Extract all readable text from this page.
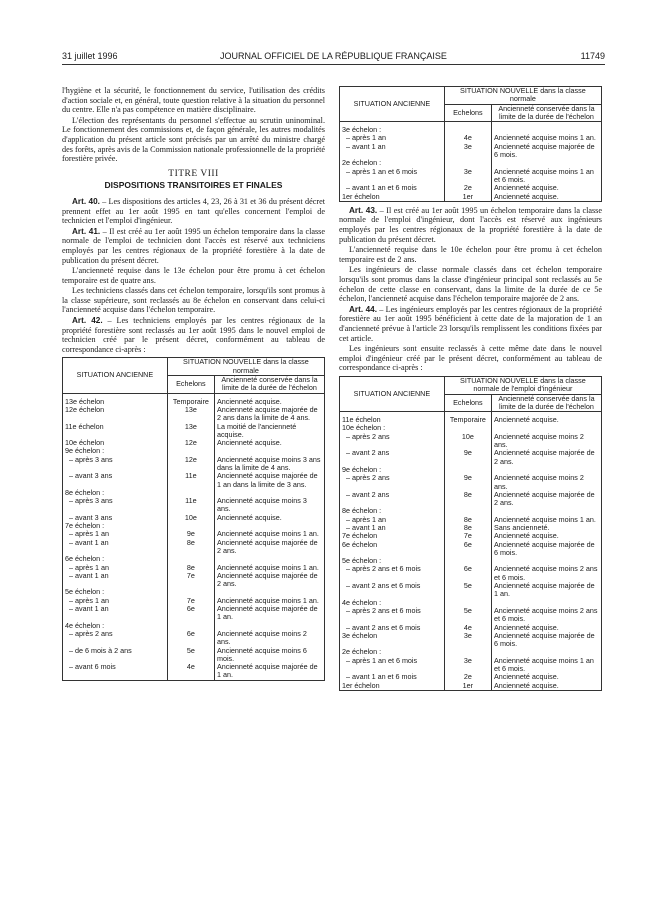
31 juillet 1996	JOURNAL OFFICIEL DE LA RÉPUBLIQUE FRANÇAISE	11749

l'hygiène et la sécurité, le fonctionnement du service, l'utilisation des crédits d'action sociale et, en général, toute question relative à la situation du personnel du centre. Elle n'a pas compétence en matière disciplinaire.

L'élection des représentants du personnel s'effectue au scrutin uninominal. Le fonctionnement des commissions et, de façon générale, les autres modalités d'application du présent article sont précisés par un arrêté du ministre chargé des forêts, après avis de la Commission nationale professionnelle de la propriété forestière privée.

TITRE VIII
DISPOSITIONS TRANSITOIRES ET FINALES

Art. 40. – Les dispositions des articles 4, 23, 26 à 31 et 36 du présent décret prennent effet au 1er août 1995 en tant qu'elles concernent l'emploi de technicien et l'emploi d'ingénieur.

Art. 41. – Il est créé au 1er août 1995 un échelon temporaire dans la classe normale de l'emploi de technicien dont l'accès est réservé aux techniciens employés par les centres régionaux de la propriété forestière à la date de publication du présent décret.

L'ancienneté requise dans le 13e échelon pour être promu à cet échelon temporaire est de quatre ans.

Les techniciens classés dans cet échelon temporaire, lorsqu'ils sont promus à la classe supérieure, sont reclassés au 8e échelon en conservant dans celui-ci l'ancienneté acquise dans l'échelon temporaire.

Art. 42. – Les techniciens employés par les centres régionaux de la propriété forestière sont reclassés au 1er août 1995 dans le nouvel emploi de technicien créé par le présent décret, conformément au tableau de correspondance ci-après :

SITUATION ANCIENNE	SITUATION NOUVELLE dans la classe normale	
	Echelons	Ancienneté conservée dans la limite de la durée de l'échelon

13e échelon	Temporaire	Ancienneté acquise.
12e échelon	13e	Ancienneté acquise majorée de 2 ans dans la limite de 4 ans.
11e échelon	13e	La moitié de l'ancienneté acquise.
10e échelon	12e	Ancienneté acquise.
9e échelon :		
– après 3 ans	12e	Ancienneté acquise moins 3 ans dans la limite de 4 ans.
– avant 3 ans	11e	Ancienneté acquise majorée de 1 an dans la limite de 3 ans.
8e échelon :		
– après 3 ans	11e	Ancienneté acquise moins 3 ans.
– avant 3 ans	10e	Ancienneté acquise.
7e échelon :		
– après 1 an	9e	Ancienneté acquise moins 1 an.
– avant 1 an	8e	Ancienneté acquise majorée de 2 ans.
6e échelon :		
– après 1 an	8e	Ancienneté acquise moins 1 an.
– avant 1 an	7e	Ancienneté acquise majorée de 2 ans.
5e échelon :		
– après 1 an	7e	Ancienneté acquise moins 1 an.
– avant 1 an	6e	Ancienneté acquise majorée de 1 an.
4e échelon :		
– après 2 ans	6e	Ancienneté acquise moins 2 ans.
– de 6 mois à 2 ans	5e	Ancienneté acquise moins 6 mois.
– avant 6 mois	4e	Ancienneté acquise majorée de 1 an.
SITUATION ANCIENNE	SITUATION NOUVELLE dans la classe normale	
	Echelons	Ancienneté conservée dans la limite de la durée de l'échelon

3e échelon :		
– après 1 an	4e	Ancienneté acquise moins 1 an.
– avant 1 an	3e	Ancienneté acquise majorée de 6 mois.
2e échelon :		
– après 1 an et 6 mois	3e	Ancienneté acquise moins 1 an et 6 mois.
– avant 1 an et 6 mois	2e	Ancienneté acquise.
1er échelon	1er	Ancienneté acquise.

Art. 43. – Il est créé au 1er août 1995 un échelon temporaire dans la classe normale de l'emploi d'ingénieur, dont l'accès est réservé aux ingénieurs employés par les centres régionaux de la propriété forestière à la date de publication du présent décret.

L'ancienneté requise dans le 10e échelon pour être promu à cet échelon temporaire est de 2 ans.

Les ingénieurs de classe normale classés dans cet échelon temporaire lorsqu'ils sont promus dans la classe d'ingénieur principal sont reclassés au 5e échelon de cette classe en conservant, dans la limite de la durée de ce 5e échelon, l'ancienneté acquise dans l'échelon temporaire majorée de 2 ans.

Art. 44. – Les ingénieurs employés par les centres régionaux de la propriété forestière au 1er août 1995 bénéficient à cette date de la majoration de 1 an d'ancienneté prévue à l'article 23 lorsqu'ils remplissent les conditions fixées par cet article.

Les ingénieurs sont ensuite reclassés à cette même date dans le nouvel emploi d'ingénieur créé par le présent décret, conformément au tableau de correspondance ci-après :

SITUATION ANCIENNE	SITUATION NOUVELLE dans la classe normale de l'emploi d'ingénieur	
	Echelons	Ancienneté conservée dans la limite de la durée de l'échelon

11e échelon	Temporaire	Ancienneté acquise.
10e échelon :		
– après 2 ans	10e	Ancienneté acquise moins 2 ans.
– avant 2 ans	9e	Ancienneté acquise majorée de 2 ans.
9e échelon :		
– après 2 ans	9e	Ancienneté acquise moins 2 ans.
– avant 2 ans	8e	Ancienneté acquise majorée de 2 ans.
8e échelon :		
– après 1 an	8e	Ancienneté acquise moins 1 an.
– avant 1 an	8e	Sans ancienneté.
7e échelon	7e	Ancienneté acquise.
6e échelon	6e	Ancienneté acquise majorée de 6 mois.
5e échelon :		
– après 2 ans et 6 mois	6e	Ancienneté acquise moins 2 ans et 6 mois.
– avant 2 ans et 6 mois	5e	Ancienneté acquise majorée de 1 an.
4e échelon :		
– après 2 ans et 6 mois	5e	Ancienneté acquise moins 2 ans et 6 mois.
– avant 2 ans et 6 mois	4e	Ancienneté acquise.
3e échelon	3e	Ancienneté acquise majorée de 6 mois.
2e échelon :		
– après 1 an et 6 mois	3e	Ancienneté acquise moins 1 an et 6 mois.
– avant 1 an et 6 mois	2e	Ancienneté acquise.
1er échelon	1er	Ancienneté acquise.
